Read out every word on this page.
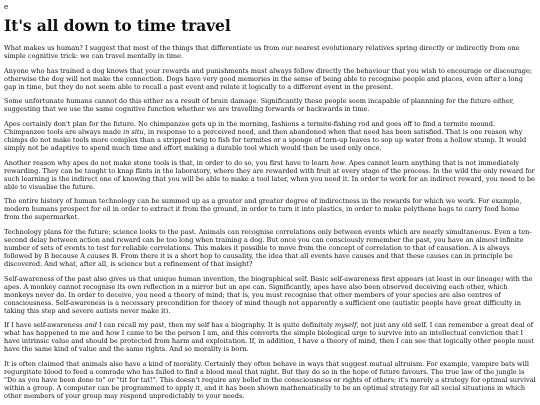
e
It's all down to time travel

What makes us human? I suggest that most of the things that differentiate us from our nearest evolutionary relatives spring directly or indirectly from one simple cognitive trick: we can travel mentally in time.

Anyone who has trained a dog knows that your rewards and punishments must always follow directly the behaviour that you wish to encourage or discourage; otherwise the dog will not make the connection. Dogs have very good memories in the sense of being able to recognise people and places, even after a long gap in time, but they do not seem able to recall a past event and relate it logically to a different event in the present.

Some unfortunate humans cannot do this either as a result of brain damage. Significantly these people seem incapable of plannning for the future either, suggesting that we use the same cognitive function whether we are travelling forwards or backwards in time.

Apes certainly don't plan for the future. No chimpanzee gets up in the morning, fashions a termite-fishing rod and goes off to find a termite mound. Chimpanzee tools are always made in situ, in response to a perceived need, and then abandoned when that need has been satisfied. That is one reason why chimps do not make tools more complex than a stripped twig to fish for termites or a sponge of torn-up leaves to sop up water from a hollow stump. It would simply not be adaptive to spend much time and effort making a durable tool which would then be used only once.

Another reason why apes do not make stone tools is that, in order to do so, you first have to learn how. Apes cannot learn anything that is not immediately rewarding. They can be taught to knap flints in the laboratory, where they are rewarded with fruit at every stage of the process. In the wild the only reward for such learning is the indirect one of knowing that you will be able to make a tool later, when you need it. In order to work for an indirect reward, you need to be able to visualise the future.

The entire history of human technology can be summed up as a greater and greater degree of indirectness in the rewards for which we work. For example, modern humans prospect for oil in order to extract it from the ground, in order to turn it into plastics, in order to make polythene bags to carry food home from the supermarket.

Technology plans for the future; science looks to the past. Animals can recognise correlations only between events which are nearly simultaneous. Even a ten-second delay between action and reward can be too long when training a dog. But once you can consciously remember the past, you have an almost infinite number of sets of events to test for reliable correlations. This makes it possible to move from the concept of correlation to that of causation. A is always followed by B because A causes B. From there it is a short hop to causality, the idea that all events have causes and that these causes can in principle be discovered. And what, after all, is science but a refinement of that insight?

Self-awareness of the past also gives us that unique human invention, the biographical self. Basic self-awareness first appears (at least in our lineage) with the apes. A monkey cannot recognise its own reflection in a mirror but an ape can. Significantly, apes have also been observed deceiving each other, which monkeys never do. In order to deceive, you need a theory of mind; that is, you must recognise that other members of your species are also centres of consciousness. Self-awareness is a necessary precondition for theory of mind though not apparently a sufficient one (autistic people have great difficulty in taking this step and severe autists never make it).

If I have self-awareness and I can recall my past, then my self has a biography. It is quite definitely myself, not just any old self. I can remember a great deal of what has happened to me and how I came to be the person I am, and this converts the simple biological urge to survive into an intellectual conviction that I have intrinsic value and should be protected from harm and exploitation. If, in addition, I have a theory of mind, then I can see that logically other people must have the same kind of value and the same rights. And so morality is born.

It is often claimed that animals also have a kind of morality. Certainly they often behave in ways that suggest mutual altruism. For example, vampire bats will regurgitate blood to feed a comrade who has failed to find a blood meal that night. But they do so in the hope of future favours. The true law of the jungle is "Do as you have been done to" or "tit for tat!". This doesn't require any belief in the consciousness or rights of others; it's merely a strategy for optimal survival within a group. A computer can be programmed to apply it, and it has been shown mathematically to be an optimal strategy for all social situations in which other members of your group may respond unpredictably to your needs.
